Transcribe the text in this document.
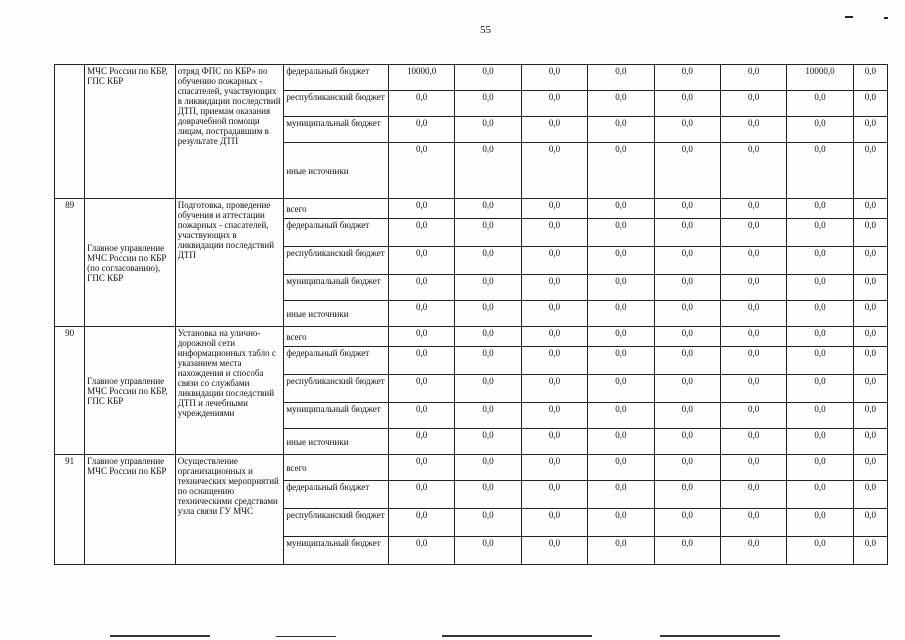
55
	МЧС России по КБР, ГПС КБР	отряд ФПС по КБР» по обучению пожарных - спасателей, участвующих в ликвидации последствий ДТП, приемам оказания доврачебной помощи лицам, пострадавшим в результате ДТП	федеральный бюджет	10000,0	0,0	0,0	0,0	0,0	0,0	10000,0	0,0
			республиканский бюджет	0,0	0,0	0,0	0,0	0,0	0,0	0,0	0,0
			муниципальный бюджет	0,0	0,0	0,0	0,0	0,0	0,0	0,0	0,0
			иные источники	0,0	0,0	0,0	0,0	0,0	0,0	0,0	0,0
89	Главное управление МЧС России по КБР (по согласованию), ГПС КБР	Подготовка, проведение обучения и аттестации пожарных - спасателей, участвующих в ликвидации последствий ДТП	всего	0,0	0,0	0,0	0,0	0,0	0,0	0,0	0,0
			федеральный бюджет	0,0	0,0	0,0	0,0	0,0	0,0	0,0	0,0
			республиканский бюджет	0,0	0,0	0,0	0,0	0,0	0,0	0,0	0,0
			муниципальный бюджет	0,0	0,0	0,0	0,0	0,0	0,0	0,0	0,0
			иные источники	0,0	0,0	0,0	0,0	0,0	0,0	0,0	0,0
90	Главное управление МЧС России по КБР, ГПС КБР	Установка на улично-дорожной сети информационных табло с указанием места нахождения и способа связи со службами ликвидации последствий ДТП и лечебными учреждениями	всего	0,0	0,0	0,0	0,0	0,0	0,0	0,0	0,0
			федеральный бюджет	0,0	0,0	0,0	0,0	0,0	0,0	0,0	0,0
			республиканский бюджет	0,0	0,0	0,0	0,0	0,0	0,0	0,0	0,0
			муниципальный бюджет	0,0	0,0	0,0	0,0	0,0	0,0	0,0	0,0
			иные источники	0,0	0,0	0,0	0,0	0,0	0,0	0,0	0,0
91	Главное управление МЧС России по КБР	Осуществление организационных и технических мероприятий по оснащению техническими средствами узла связи ГУ МЧС	всего	0,0	0,0	0,0	0,0	0,0	0,0	0,0	0,0
			федеральный бюджет	0,0	0,0	0,0	0,0	0,0	0,0	0,0	0,0
			республиканский бюджет	0,0	0,0	0,0	0,0	0,0	0,0	0,0	0,0
			муниципальный бюджет	0,0	0,0	0,0	0,0	0,0	0,0	0,0	0,0
